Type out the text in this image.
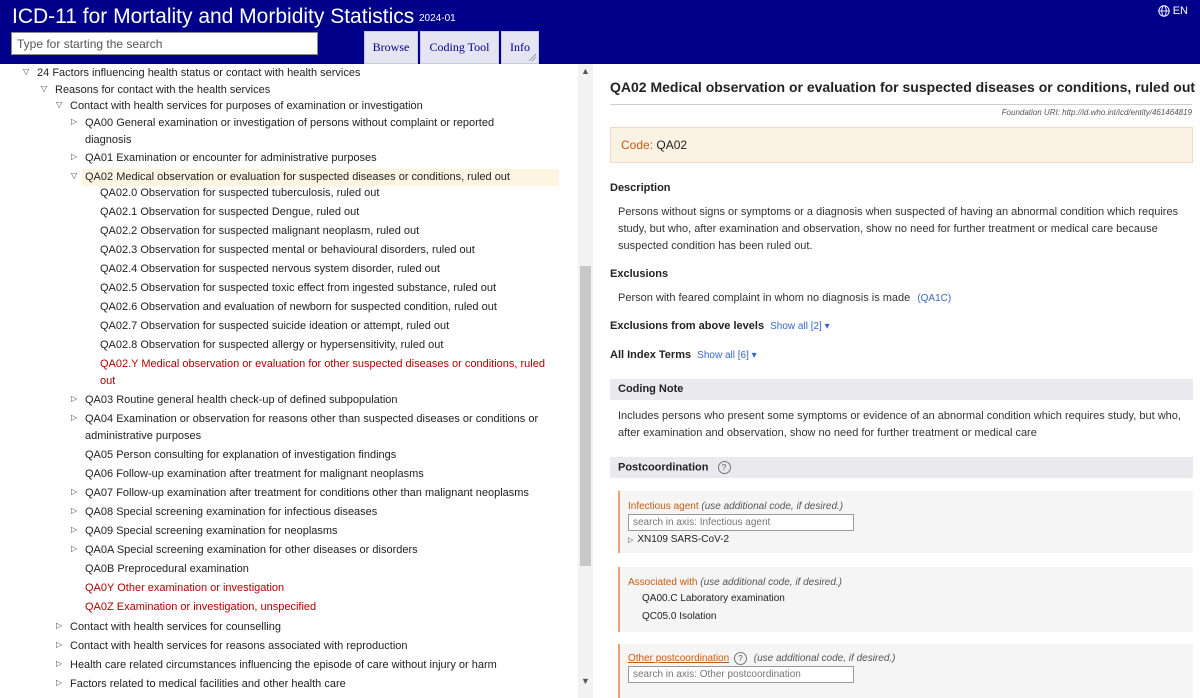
ICD-11 for Mortality and Morbidity Statistics 2024-01
EN
Type for starting the search
Browse Coding Tool Info
▽ 24 Factors influencing health status or contact with health services
▽ Reasons for contact with the health services
▽ Contact with health services for purposes of examination or investigation
▷ QA00 General examination or investigation of persons without complaint or reported
diagnosis
▷ QA01 Examination or encounter for administrative purposes
▽ QA02 Medical observation or evaluation for suspected diseases or conditions, ruled out
QA02.0 Observation for suspected tuberculosis, ruled out
QA02.1 Observation for suspected Dengue, ruled out
QA02.2 Observation for suspected malignant neoplasm, ruled out
QA02.3 Observation for suspected mental or behavioural disorders, ruled out
QA02.4 Observation for suspected nervous system disorder, ruled out
QA02.5 Observation for suspected toxic effect from ingested substance, ruled out
QA02.6 Observation and evaluation of newborn for suspected condition, ruled out
QA02.7 Observation for suspected suicide ideation or attempt, ruled out
QA02.8 Observation for suspected allergy or hypersensitivity, ruled out
QA02.Y Medical observation or evaluation for other suspected diseases or conditions, ruled
out
▷ QA03 Routine general health check-up of defined subpopulation
▷ QA04 Examination or observation for reasons other than suspected diseases or conditions or
administrative purposes
QA05 Person consulting for explanation of investigation findings
QA06 Follow-up examination after treatment for malignant neoplasms
▷ QA07 Follow-up examination after treatment for conditions other than malignant neoplasms
▷ QA08 Special screening examination for infectious diseases
▷ QA09 Special screening examination for neoplasms
▷ QA0A Special screening examination for other diseases or disorders
QA0B Preprocedural examination
QA0Y Other examination or investigation
QA0Z Examination or investigation, unspecified
▷ Contact with health services for counselling
▷ Contact with health services for reasons associated with reproduction
▷ Health care related circumstances influencing the episode of care without injury or harm
▷ Factors related to medical facilities and other health care
▲
▼
QA02 Medical observation or evaluation for suspected diseases or conditions, ruled out
Foundation URI: http://id.who.int/icd/entity/461464819
Code: QA02
Description
Persons without signs or symptoms or a diagnosis when suspected of having an abnormal condition which requires study, but who, after examination and observation, show no need for further treatment or medical care because suspected condition has been ruled out.
Exclusions
Person with feared complaint in whom no diagnosis is made (QA1C)
Exclusions from above levels Show all [2] ▾
All Index Terms Show all [6] ▾
Coding Note
Includes persons who present some symptoms or evidence of an abnormal condition which requires study, but who, after examination and observation, show no need for further treatment or medical care
Postcoordination ?
Infectious agent (use additional code, if desired.)
search in axis: Infectious agent
▷ XN109 SARS-CoV-2
Associated with (use additional code, if desired.)
QA00.C Laboratory examination
QC05.0 Isolation
Other postcoordination ? (use additional code, if desired.)
search in axis: Other postcoordination
